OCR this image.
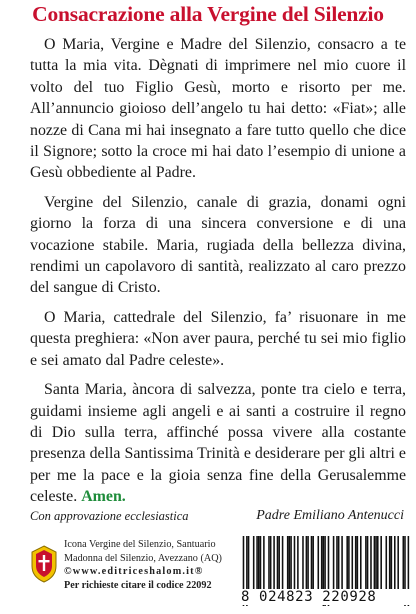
Consacrazione alla Vergine del Silenzio

O Maria, Vergine e Madre del Silenzio, consacro a te tutta la mia vita. Dègnati di imprimere nel mio cuore il volto del tuo Figlio Gesù, morto e risorto per me. All’annuncio gioioso dell’angelo tu hai detto: «Fiat»; alle nozze di Cana mi hai insegnato a fare tutto quello che dice il Signore; sotto la croce mi hai dato l’esempio di unione a Gesù obbediente al Padre.

Vergine del Silenzio, canale di grazia, donami ogni giorno la forza di una sincera conversione e di una vocazione stabile. Maria, rugiada della bellezza divina, rendimi un capolavoro di santità, realizzato al caro prezzo del sangue di Cristo.

O Maria, cattedrale del Silenzio, fa’ risuonare in me questa preghiera: «Non aver paura, perché tu sei mio figlio e sei amato dal Padre celeste».

Santa Maria, àncora di salvezza, ponte tra cielo e terra, guidami insieme agli angeli e ai santi a costruire il regno di Dio sulla terra, affinché possa vivere alla costante presenza della Santissima Trinità e desiderare per gli altri e per me la pace e la gioia senza fine della Gerusalemme celeste. Amen.

Con approvazione ecclesiastica	Padre Emiliano Antenucci
Icona Vergine del Silenzio, Santuario
Madonna del Silenzio, Avezzano (AQ)
©www.editriceshalom.it®
Per richieste citare il codice 22092
8 024823 220928
